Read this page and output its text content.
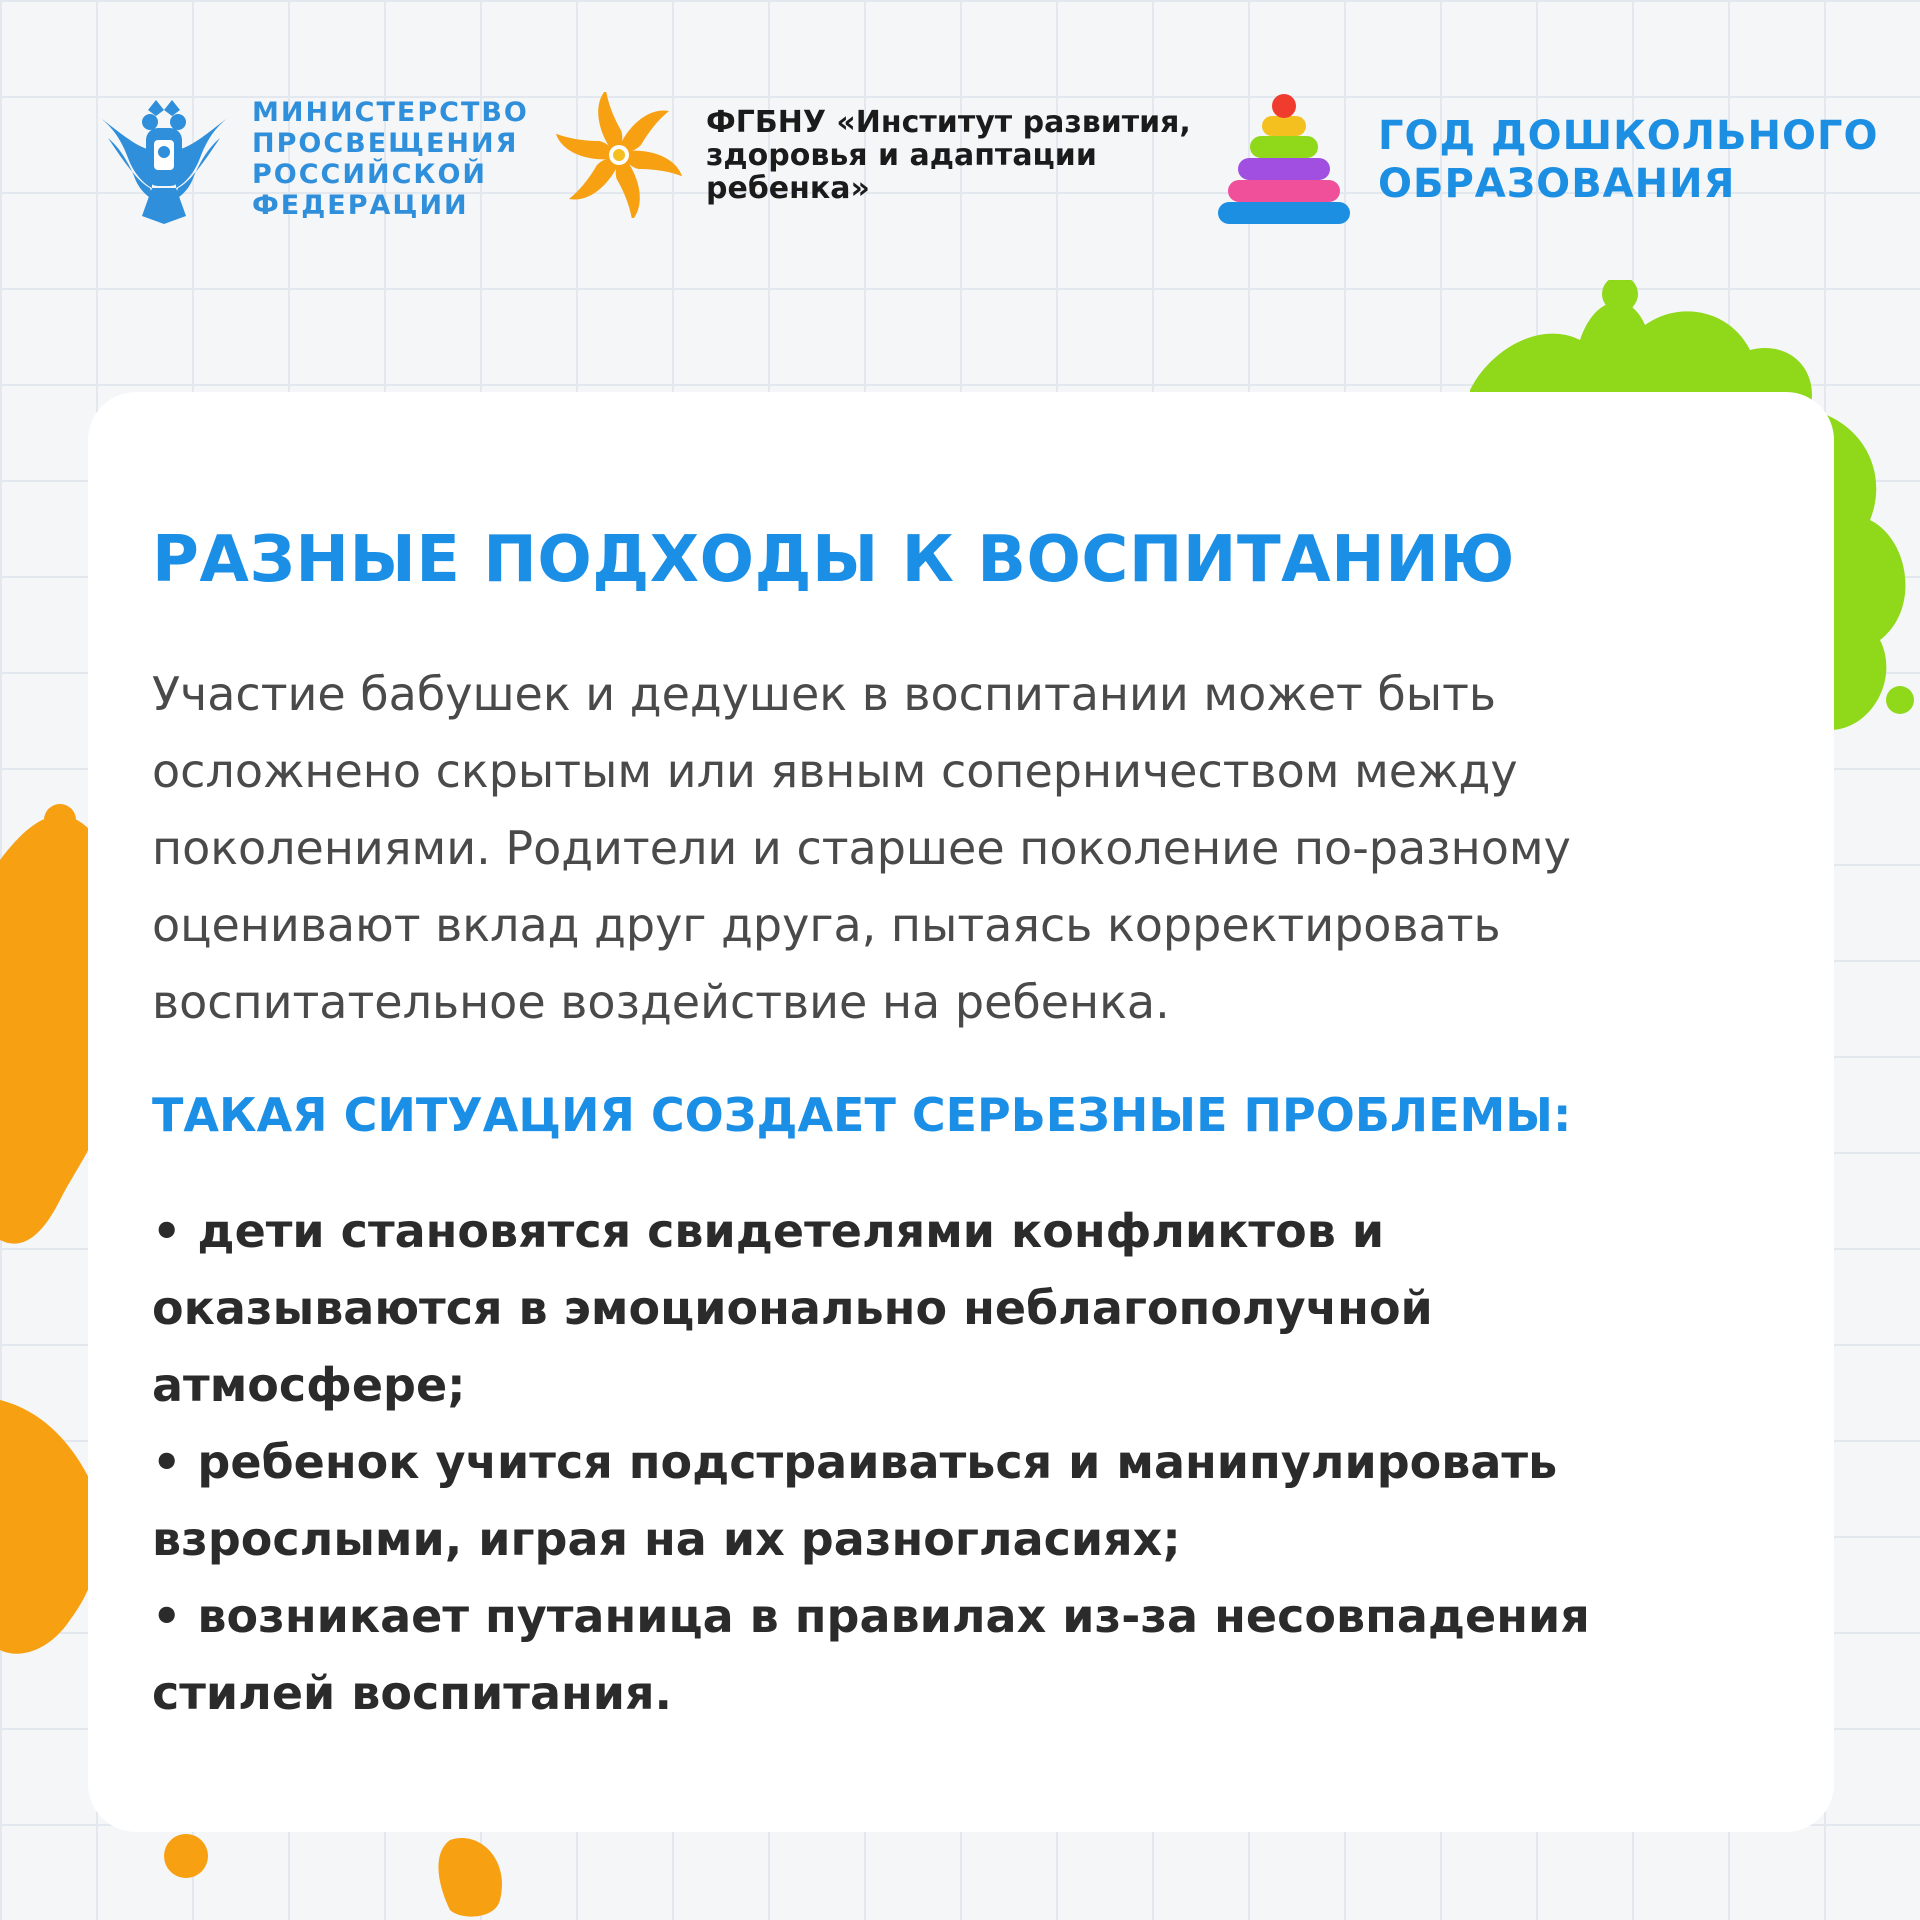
МИНИСТЕРСТВО
ПРОСВЕЩЕНИЯ
РОССИЙСКОЙ
ФЕДЕРАЦИИ
ФГБНУ «Институт развития,
здоровья и адаптации
ребенка»
ГОД ДОШКОЛЬНОГО
ОБРАЗОВАНИЯ
РАЗНЫЕ ПОДХОДЫ К ВОСПИТАНИЮ

Участие бабушек и дедушек в воспитании может быть осложнено скрытым или явным соперничеством между поколениями. Родители и старшее поколение по-разному оценивают вклад друг друга, пытаясь корректировать воспитательное воздействие на ребенка.

ТАКАЯ СИТУАЦИЯ СОЗДАЕТ СЕРЬЕЗНЫЕ ПРОБЛЕМЫ:

• дети становятся свидетелями конфликтов и оказываются в эмоционально неблагополучной атмосфере;
• ребенок учится подстраиваться и манипулировать взрослыми, играя на их разногласиях;
• возникает путаница в правилах из-за несовпадения стилей воспитания.
